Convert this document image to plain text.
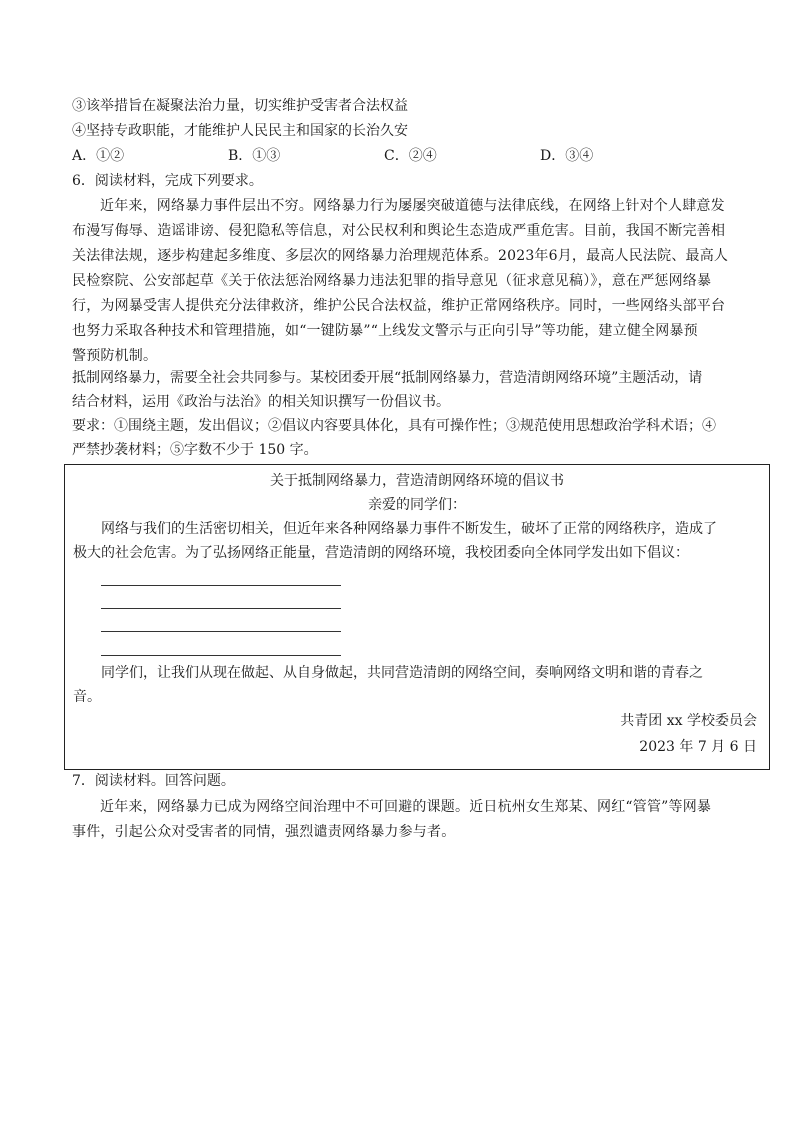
③该举措旨在凝聚法治力量，切实维护受害者合法权益
④坚持专政职能，才能维护人民民主和国家的长治久安
A．①②	B．①③	C．②④	D．③④
6．阅读材料，完成下列要求。
近年来，网络暴力事件层出不穷。网络暴力行为屡屡突破道德与法律底线，在网络上针对个人肆意发
布漫写侮辱、造谣诽谤、侵犯隐私等信息，对公民权利和舆论生态造成严重危害。目前，我国不断完善相
关法律法规，逐步构建起多维度、多层次的网络暴力治理规范体系。2023年6月，最高人民法院、最高人
民检察院、公安部起草《关于依法惩治网络暴力违法犯罪的指导意见（征求意见稿）》，意在严惩网络暴
行，为网暴受害人提供充分法律救济，维护公民合法权益，维护正常网络秩序。同时，一些网络头部平台
也努力采取各种技术和管理措施，如“一键防暴”“上线发文警示与正向引导”等功能，建立健全网暴预
警预防机制。
抵制网络暴力，需要全社会共同参与。某校团委开展“抵制网络暴力，营造清朗网络环境”主题活动，请
结合材料，运用《政治与法治》的相关知识撰写一份倡议书。
要求：①围绕主题，发出倡议；②倡议内容要具体化，具有可操作性；③规范使用思想政治学科术语；④
严禁抄袭材料；⑤字数不少于 150 字。
关于抵制网络暴力，营造清朗网络环境的倡议书
亲爱的同学们：
网络与我们的生活密切相关，但近年来各种网络暴力事件不断发生，破坏了正常的网络秩序，造成了
极大的社会危害。为了弘扬网络正能量，营造清朗的网络环境，我校团委向全体同学发出如下倡议：
同学们，让我们从现在做起、从自身做起，共同营造清朗的网络空间，奏响网络文明和谐的青春之
音。
共青团 xx 学校委员会
2023 年 7 月 6 日
7．阅读材料。回答问题。
近年来，网络暴力已成为网络空间治理中不可回避的课题。近日杭州女生郑某、网红“管管”等网暴
事件，引起公众对受害者的同情，强烈谴责网络暴力参与者。
